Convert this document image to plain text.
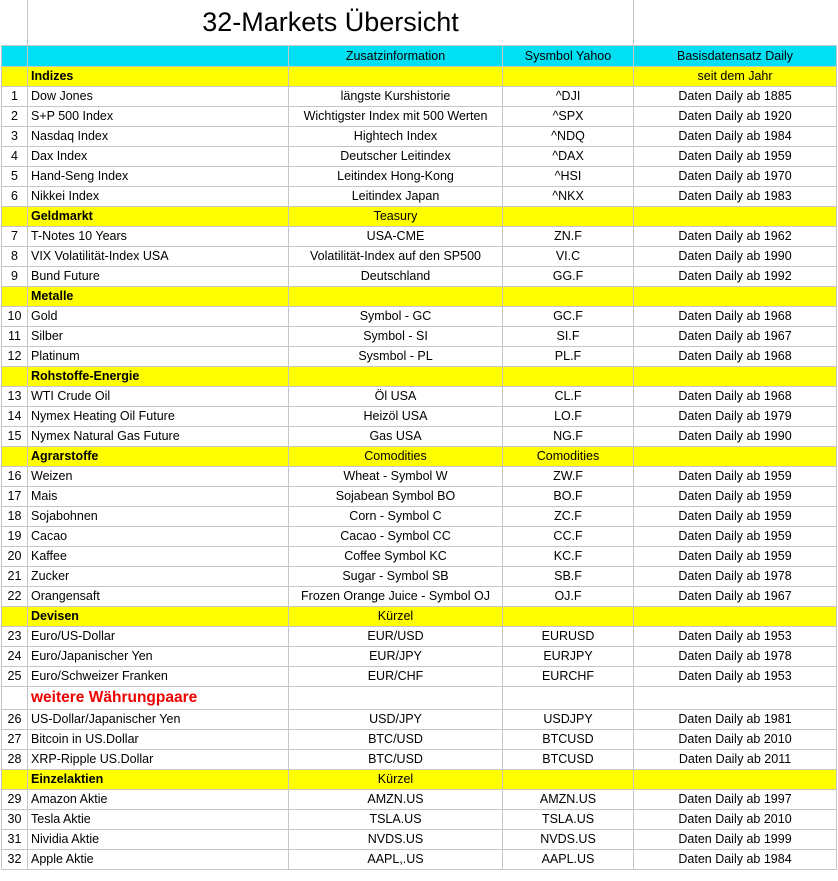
	32-Markets Übersicht			
		Zusatzinformation	Sysmbol Yahoo	Basisdatensatz Daily
	Indizes			seit dem Jahr
1	Dow Jones	längste Kurshistorie	^DJI	Daten Daily ab 1885
2	S+P 500 Index	Wichtigster Index mit 500 Werten	^SPX	Daten Daily ab 1920
3	Nasdaq Index	Hightech Index	^NDQ	Daten Daily ab 1984
4	Dax Index	Deutscher Leitindex	^DAX	Daten Daily ab 1959
5	Hand-Seng Index	Leitindex Hong-Kong	^HSI	Daten Daily ab 1970
6	Nikkei Index	Leitindex Japan	^NKX	Daten Daily ab 1983
	Geldmarkt	Teasury		
7	T-Notes 10 Years	USA-CME	ZN.F	Daten Daily ab 1962
8	VIX Volatilität-Index USA	Volatilität-Index auf den SP500	VI.C	Daten Daily ab 1990
9	Bund Future	Deutschland	GG.F	Daten Daily ab 1992
	Metalle			
10	Gold	Symbol - GC	GC.F	Daten Daily ab 1968
11	Silber	Symbol - SI	SI.F	Daten Daily ab 1967
12	Platinum	Sysmbol - PL	PL.F	Daten Daily ab 1968
	Rohstoffe-Energie			
13	WTI Crude Oil	Öl USA	CL.F	Daten Daily ab 1968
14	Nymex Heating Oil Future	Heizöl USA	LO.F	Daten Daily ab 1979
15	Nymex Natural Gas Future	Gas USA	NG.F	Daten Daily ab 1990
	Agrarstoffe	Comodities	Comodities	
16	Weizen	Wheat - Symbol W	ZW.F	Daten Daily ab 1959
17	Mais	Sojabean Symbol BO	BO.F	Daten Daily ab 1959
18	Sojabohnen	Corn - Symbol C	ZC.F	Daten Daily ab 1959
19	Cacao	Cacao - Symbol CC	CC.F	Daten Daily ab 1959
20	Kaffee	Coffee Symbol KC	KC.F	Daten Daily ab 1959
21	Zucker	Sugar - Symbol SB	SB.F	Daten Daily ab 1978
22	Orangensaft	Frozen Orange Juice - Symbol OJ	OJ.F	Daten Daily ab 1967
	Devisen	Kürzel		
23	Euro/US-Dollar	EUR/USD	EURUSD	Daten Daily ab 1953
24	Euro/Japanischer Yen	EUR/JPY	EURJPY	Daten Daily ab 1978
25	Euro/Schweizer Franken	EUR/CHF	EURCHF	Daten Daily ab 1953
	weitere Währungpaare			
26	US-Dollar/Japanischer Yen	USD/JPY	USDJPY	Daten Daily ab 1981
27	Bitcoin in US.Dollar	BTC/USD	BTCUSD	Daten Daily ab 2010
28	XRP-Ripple US.Dollar	BTC/USD	BTCUSD	Daten Daily ab 2011
	Einzelaktien	Kürzel		
29	Amazon Aktie	AMZN.US	AMZN.US	Daten Daily ab 1997
30	Tesla Aktie	TSLA.US	TSLA.US	Daten Daily ab 2010
31	Nividia Aktie	NVDS.US	NVDS.US	Daten Daily ab 1999
32	Apple Aktie	AAPL,.US	AAPL.US	Daten Daily ab 1984
